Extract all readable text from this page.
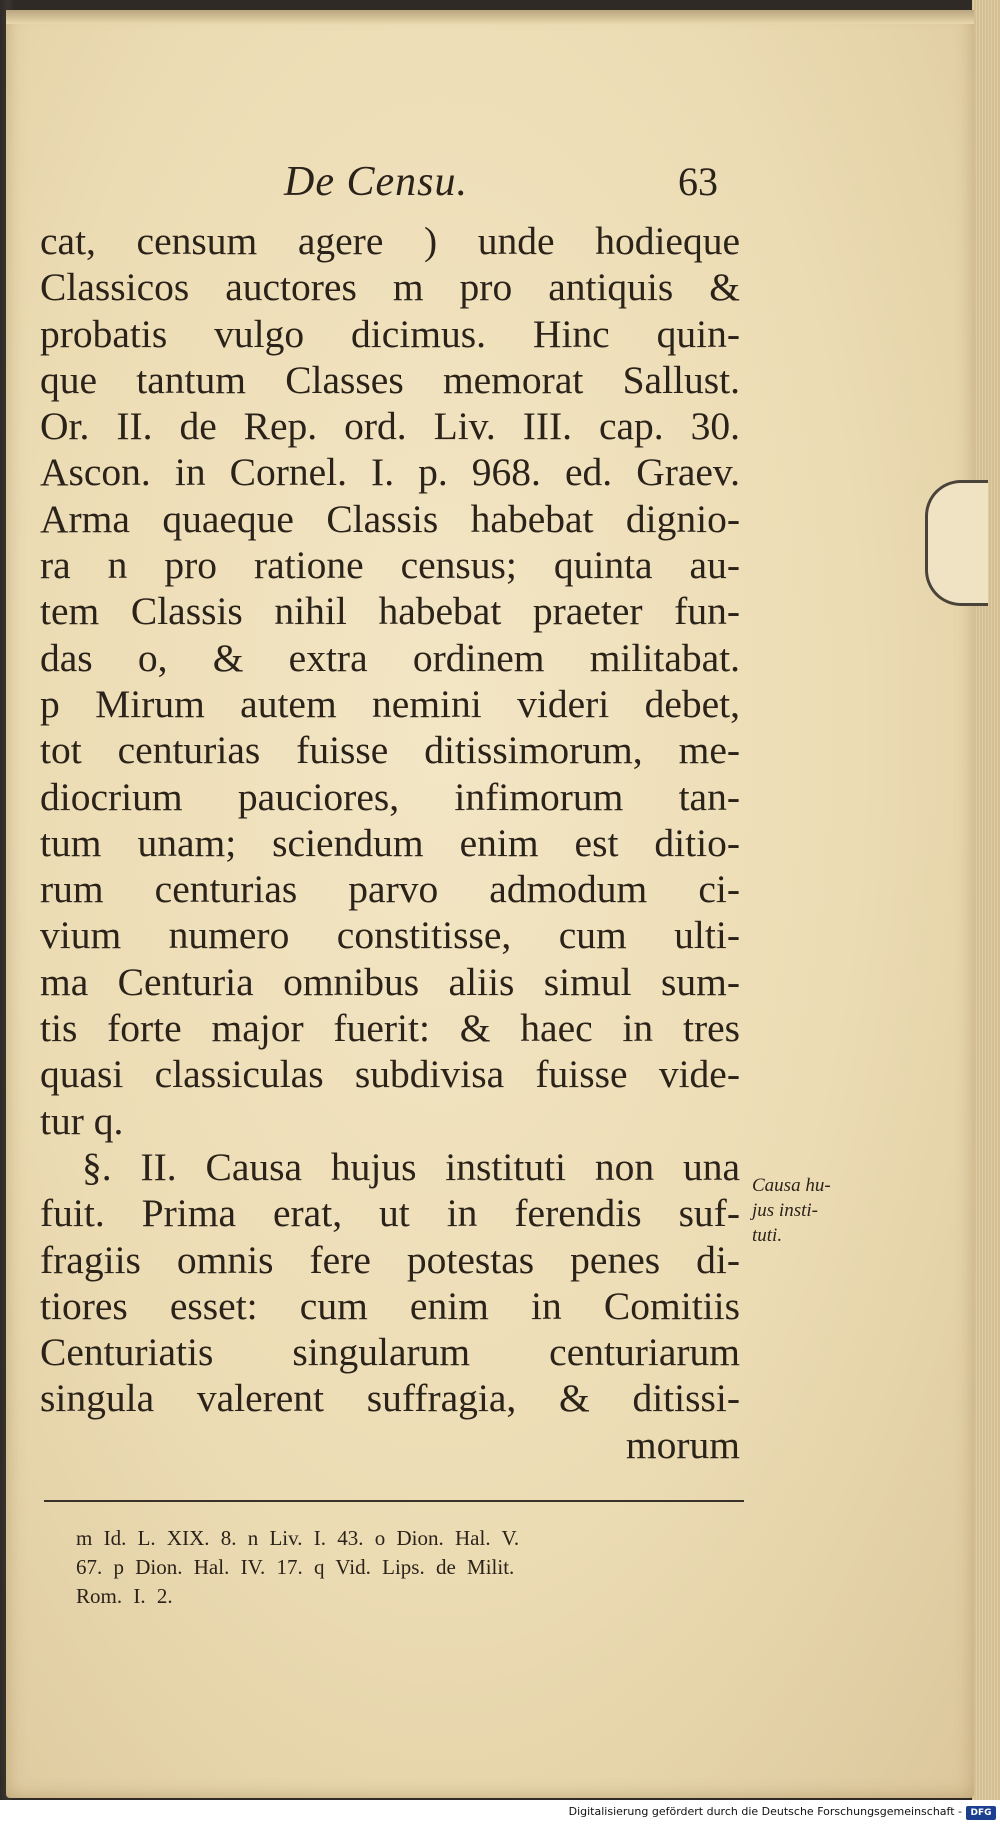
De Censu.	63
cat, censum agere ) unde hodieque
Classicos auctores m pro antiquis &
probatis vulgo dicimus. Hinc quin-
que tantum Classes memorat Sallust.
Or. II. de Rep. ord. Liv. III. cap. 30.
Ascon. in Cornel. I. p. 968. ed. Graev.
Arma quaeque Classis habebat dignio-
ra n pro ratione census; quinta au-
tem Classis nihil habebat praeter fun-
das o, & extra ordinem militabat.
p Mirum autem nemini videri debet,
tot centurias fuisse ditissimorum, me-
diocrium pauciores, infimorum tan-
tum unam; sciendum enim est ditio-
rum centurias parvo admodum ci-
vium numero constitisse, cum ulti-
ma Centuria omnibus aliis simul sum-
tis forte major fuerit: & haec in tres
quasi classiculas subdivisa fuisse vide-
tur q.
§. II. Causa hujus instituti non una
fuit. Prima erat, ut in ferendis suf-
fragiis omnis fere potestas penes di-
tiores esset: cum enim in Comitiis
Centuriatis singularum centuriarum
singula valerent suffragia, & ditissi-
morum
Causa hu-
jus insti-
tuti.
m Id. L. XIX. 8. n Liv. I. 43. o Dion. Hal. V.
67. p Dion. Hal. IV. 17. q Vid. Lips. de Milit.
Rom. I. 2.
Digitalisierung gefördert durch die Deutsche Forschungsgemeinschaft - DFG
